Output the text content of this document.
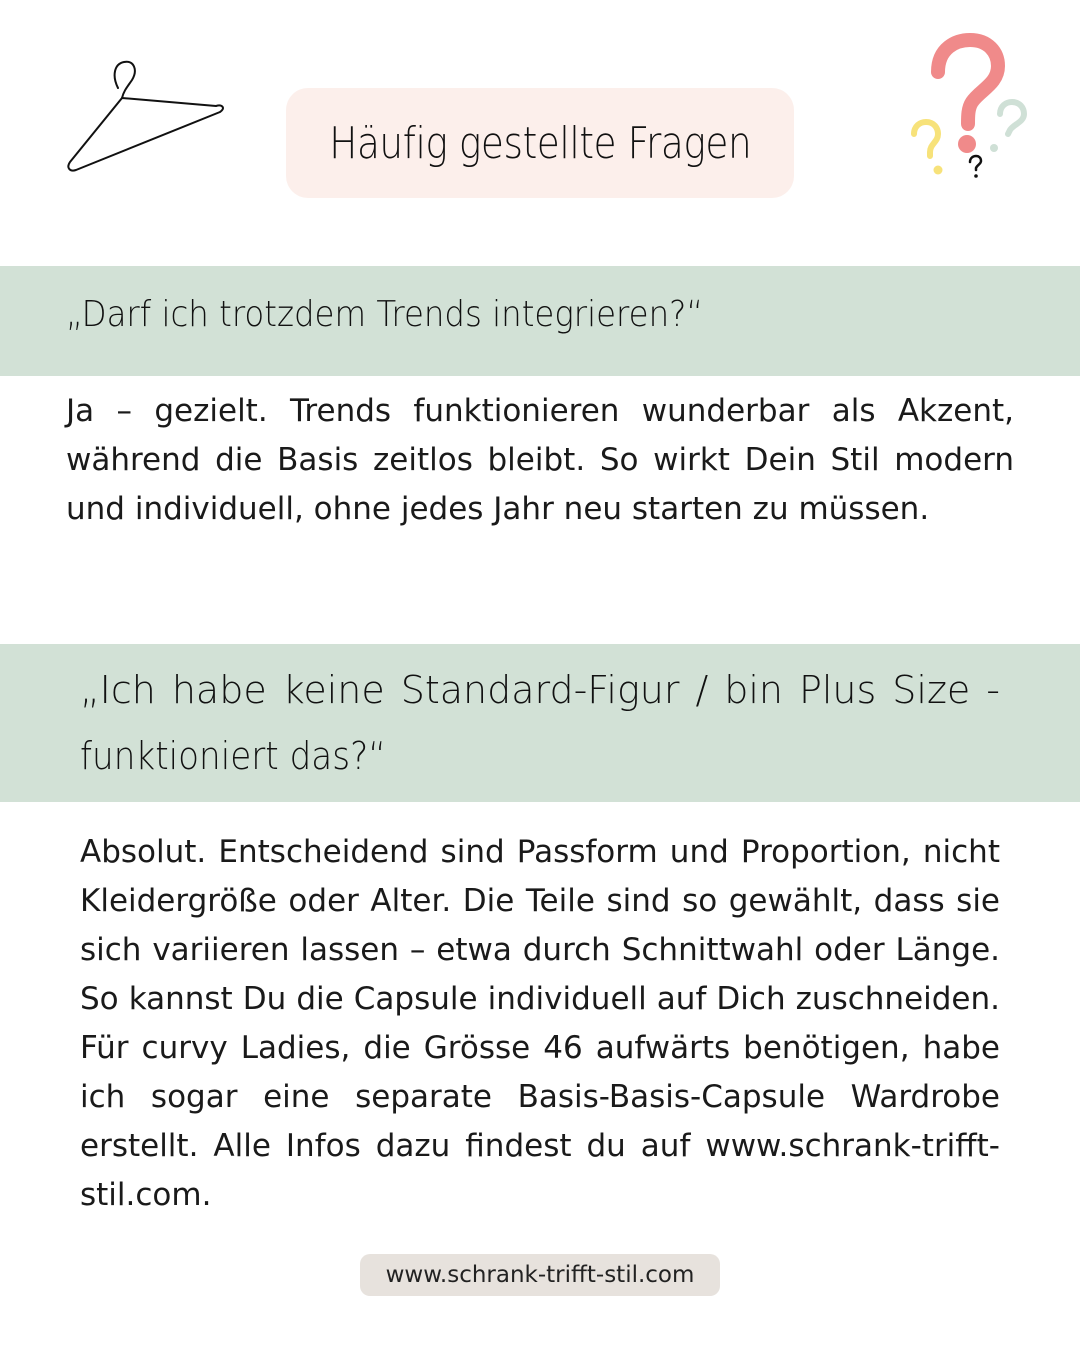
Häufig gestellte Fragen
„Darf ich trotzdem Trends integrieren?“
Ja – gezielt. Trends funktionieren wunderbar als Akzent, während die Basis zeitlos bleibt. So wirkt Dein Stil modern und individuell, ohne jedes Jahr neu starten zu müssen.
„Ich habe keine Standard-Figur / bin Plus Size -
funktioniert das?“
Absolut. Entscheidend sind Passform und Proportion, nicht Kleidergröße oder Alter. Die Teile sind so gewählt, dass sie sich variieren lassen – etwa durch Schnittwahl oder Länge. So kannst Du die Capsule individuell auf Dich zuschneiden. Für curvy Ladies, die Grösse 46 aufwärts benötigen, habe ich sogar eine separate Basis-Basis-Capsule Wardrobe erstellt. Alle Infos dazu findest du auf www.schrank-trifft-stil.com.
www.schrank-trifft-stil.com
